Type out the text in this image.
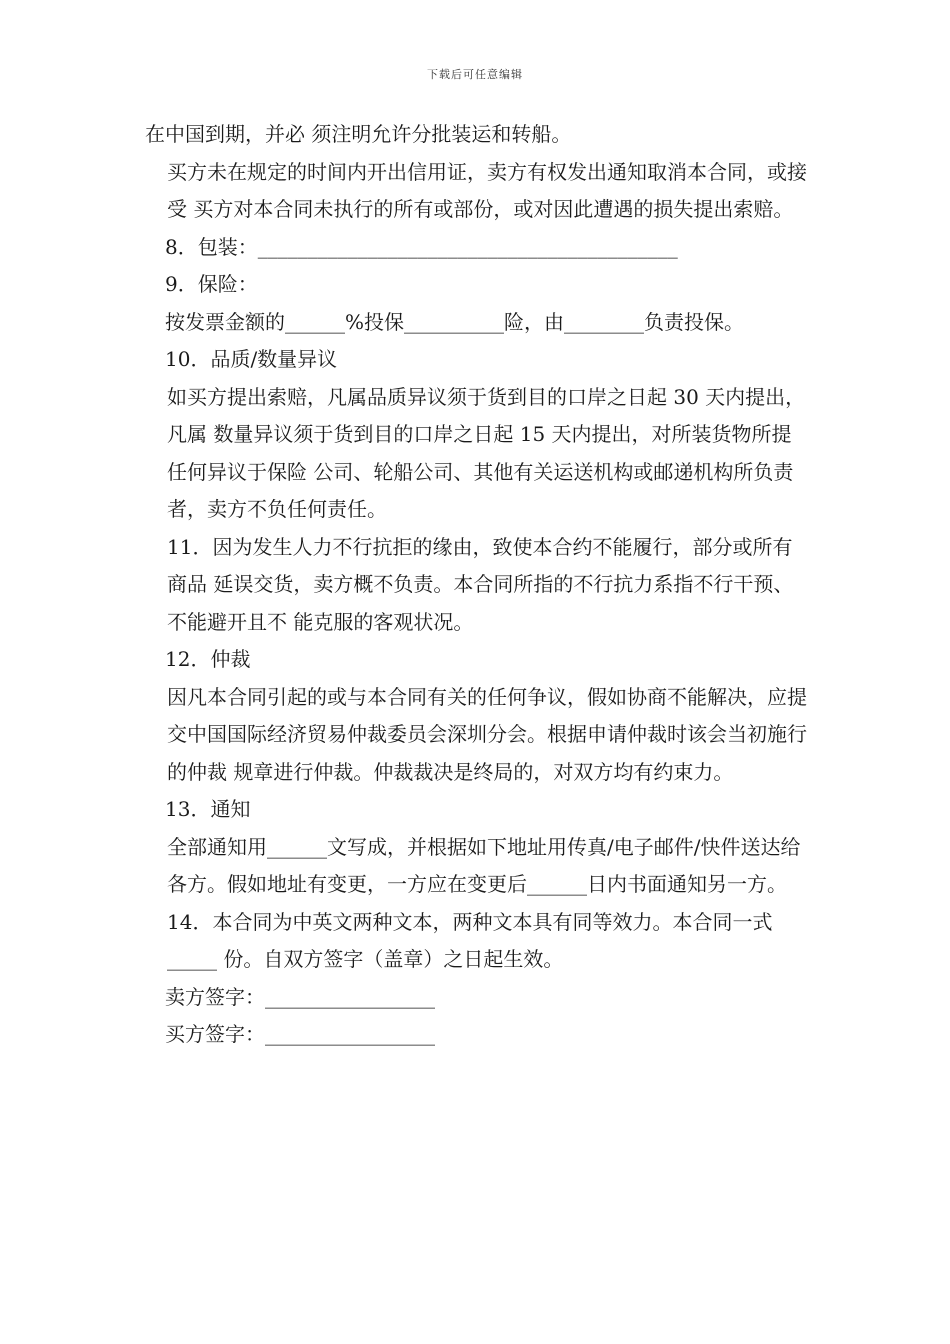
下载后可任意编辑

在中国到期，并必 须注明允许分批装运和转船。

买方未在规定的时间内开出信用证，卖方有权发出通知取消本合同，或接受 买方对本合同未执行的所有或部份，或对因此遭遇的损失提出索赔。

8．包装：__________________________________________

9．保险：

按发票金额的______%投保__________险，由________负责投保。

10．品质/数量异议

如买方提出索赔，凡属品质异议须于货到目的口岸之日起 30 天内提出，凡属 数量异议须于货到目的口岸之日起 15 天内提出，对所装货物所提任何异议于保险 公司、轮船公司、其他有关运送机构或邮递机构所负责者，卖方不负任何责任。

11．因为发生人力不行抗拒的缘由，致使本合约不能履行，部分或所有商品 延误交货，卖方概不负责。本合同所指的不行抗力系指不行干预、不能避开且不 能克服的客观状况。

12．仲裁

因凡本合同引起的或与本合同有关的任何争议，假如协商不能解决，应提 交中国国际经济贸易仲裁委员会深圳分会。根据申请仲裁时该会当初施行的仲裁 规章进行仲裁。仲裁裁决是终局的，对双方均有约束力。

13．通知

全部通知用______文写成，并根据如下地址用传真/电子邮件/快件送达给各方。假如地址有变更，一方应在变更后______日内书面通知另一方。

14．本合同为中英文两种文本，两种文本具有同等效力。本合同一式 _____ 份。自双方签字（盖章）之日起生效。

卖方签字：_________________

买方签字：_________________
